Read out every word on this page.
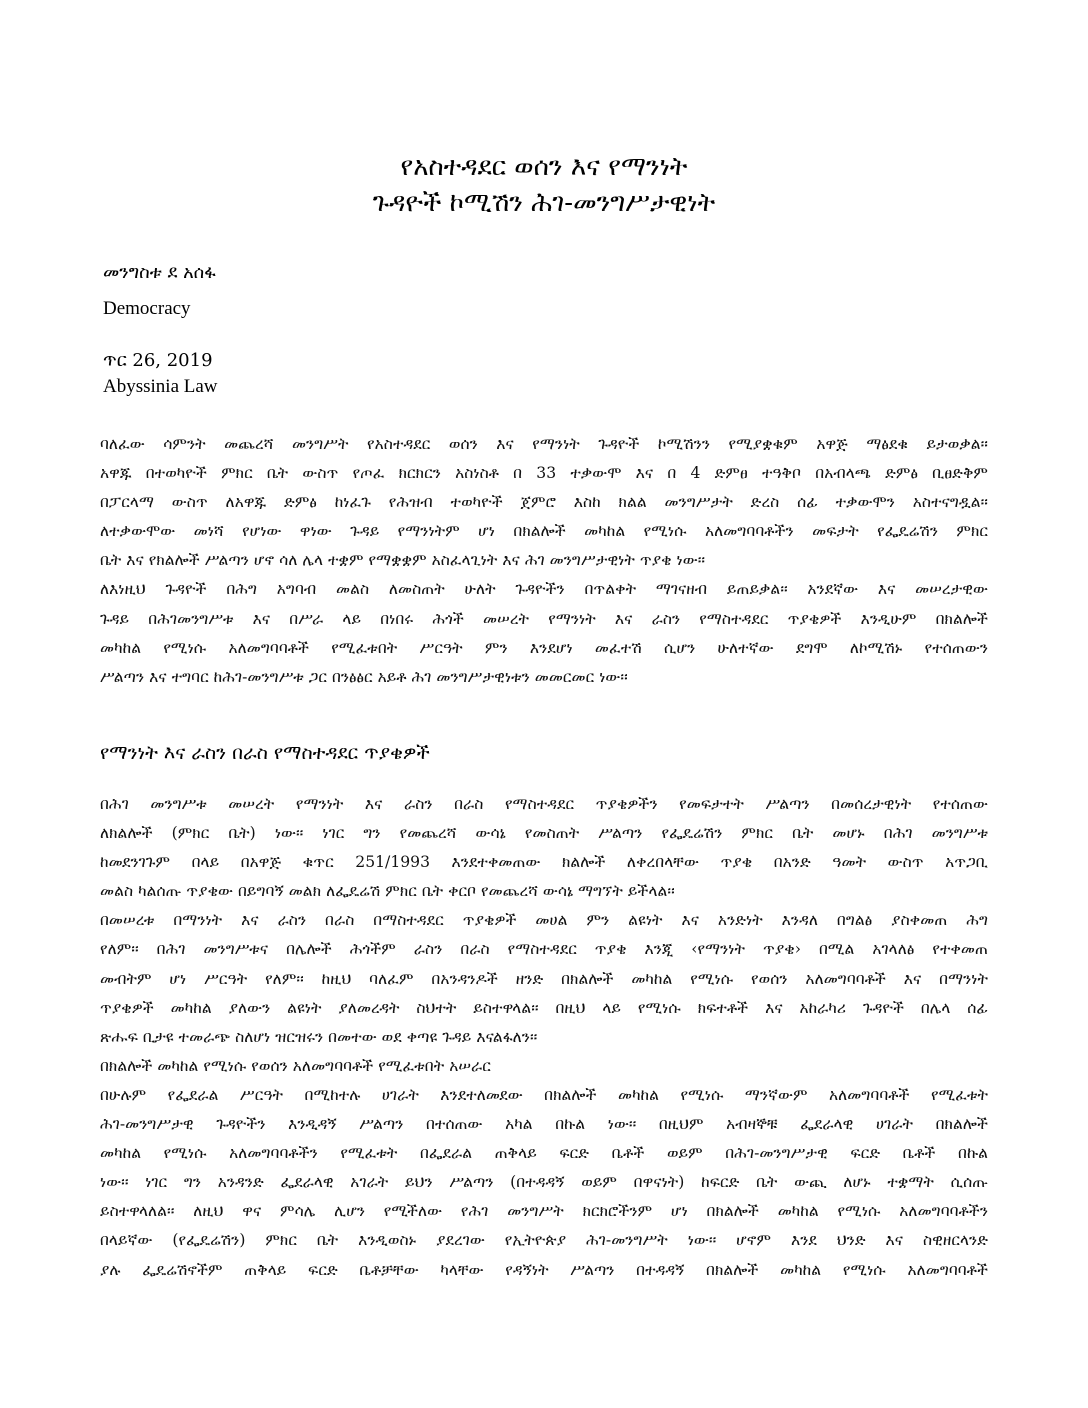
የአስተዳደር ወሰን እና የማንነት
ጉዳዮች ኮሚሽን ሕገ-መንግሥታዊነት
መንግስቱ ደ አሰፋ
Democracy
ጥር 26, 2019
Abyssinia Law
ባለፈው ሳምንት መጨረሻ መንግሥት የአስተዳደር ወሰን እና የማንነት ጉዳዮች ኮሚሽንን የሚያቋቁም አዋጅ ማፅደቁ ይታወቃል፡፡
አዋጁ በተወካዮች ምክር ቤት ውስጥ የጦፈ ክርክርን አስነስቶ በ 33 ተቃውሞ እና በ 4 ድምፀ ተዓቅቦ በአብላጫ ድምፅ ቢፀድቅም
በፓርላማ ውስጥ ለአዋጁ ድምፅ ከነፈጉ የሕዝብ ተወካዮች ጀምሮ እስከ ክልል መንግሥታት ድረስ ሰፊ ተቃውሞን አስተናግዷል፡፡
ለተቃውሞው መነሻ የሆነው ዋነው ጉዳይ የማንነትም ሆነ በክልሎች መካከል የሚነሱ አለመግባባቶችን መፍታት የፌዴሬሽን ምክር
ቤት እና የክልሎች ሥልጣን ሆኖ ሳለ ሌላ ተቋም የማቋቋም አስፈላጊነት እና ሕገ መንግሥታዊነት ጥያቄ ነው፡፡
ለእነዚህ ጉዳዮች በሕግ አግባብ መልስ ለመስጠት ሁለት ጉዳዮችን በጥልቀት ማገናዘብ ይጠይቃል፡፡ አንደኛው እና መሠረታዊው
ጉዳይ በሕገመንግሥቱ እና በሥራ ላይ በነበሩ ሕጎች መሠረት የማንነት እና ራስን የማስተዳደር ጥያቄዎች እንዲሁም በክልሎች
መካከል የሚነሱ አለመግባባቶች የሚፈቱበት ሥርዓት ምን እንደሆነ መፈተሽ ሲሆን ሁለተኛው ደግሞ ለኮሚሽኑ የተሰጠውን
ሥልጣን እና ተግባር ከሕገ-መንግሥቱ ጋር በንፅፅር አይቶ ሕገ መንግሥታዊነቱን መመርመር ነው፡፡
የማንነት እና ራስን በራስ የማስተዳደር ጥያቄዎች
በሕገ መንግሥቱ መሠረት የማንነት እና ራስን በራስ የማስተዳደር ጥያቄዎችን የመፍታተት ሥልጣን በመሰረታዊነት የተሰጠው
ለክልሎች (ምክር ቤት) ነው፡፡ ነገር ግን የመጨረሻ ውሳኔ የመስጠት ሥልጣን የፌዴሬሽን ምክር ቤት መሆኑ በሕገ መንግሥቱ
ከመደንገጉም በላይ በአዋጅ ቁጥር 251/1993 እንደተቀመጠው ክልሎች ለቀረበላቸው ጥያቄ በአንድ ዓመት ውስጥ አጥጋቢ
መልስ ካልሰጡ ጥያቄው በይግባኝ መልክ ለፌዴሬሽ ምክር ቤት ቀርቦ የመጨረሻ ውሳኔ ማግኘት ይችላል፡፡
በመሠረቱ በማንነት እና ራስን በራስ በማስተዳደር ጥያቄዎች መሀል ምን ልዩነት እና አንድነት እንዳለ በግልፅ ያስቀመጠ ሕግ
የለም፡፡ በሕገ መንግሥቱና በሌሎች ሕጎችም ራስን በራስ የማስተዳደር ጥያቄ እንጂ ‹የማንነት ጥያቄ› በሚል አገላለፅ የተቀመጠ
መብትም ሆነ ሥርዓት የለም፡፡ ከዚህ ባለፈም በአንዳንዶች ዘንድ በክልሎች መካከል የሚነሱ የወሰን አለመግባባቶች እና በማንነት
ጥያቄዎች መካከል ያለውን ልዩነት ያለመረዳት ስህተት ይስተዋላል፡፡ በዚህ ላይ የሚነሱ ክፍተቶች እና አከራካሪ ጉዳዮች በሌላ ሰፊ
ጽሑፍ ቢታዩ ተመራጭ ስለሆነ ዝርዝሩን በመተው ወደ ቀጣዩ ጉዳይ እናልፋለን፡፡
በክልሎች መካከል የሚነሱ የወሰን አለመግባባቶች የሚፈቱበት አሠራር
በሁሉም የፌደራል ሥርዓት በሚከተሉ ሀገራት እንደተለመደው በክልሎች መካከል የሚነሱ ማንኛውም አለመግባባቶች የሚፈቱት
ሕገ-መንግሥታዊ ጉዳዮችን እንዲዳኝ ሥልጣን በተሰጠው አካል በኩል ነው፡፡ በዚህም አብዛኞቹ ፌደራላዊ ሀገራት በክልሎች
መካከል የሚነሱ አለመግባባቶችን የሚፈቱት በፌደራል ጠቅላይ ፍርድ ቤቶች ወይም በሕገ-መንግሥታዊ ፍርድ ቤቶች በኩል
ነው፡፡ ነገር ግን አንዳንድ ፌደራላዊ አገራት ይህን ሥልጣን (በተዳዳኝ ወይም በዋናነት) ከፍርድ ቤት ውጪ ለሆኑ ተቋማት ሲሰጡ
ይስተዋላለል፡፡ ለዚህ ዋና ምሳሌ ሊሆን የሚችለው የሕገ መንግሥት ክርክሮችንም ሆነ በክልሎች መካከል የሚነሱ አለመግባባቶችን
በላይኛው (የፌዴሬሽን) ምክር ቤት እንዲወስኑ ያደረገው የኢትዮጵያ ሕገ-መንግሥት ነው፡፡ ሆኖም እንደ ህንድ እና ስዊዘርላንድ
ያሉ ፌዴሬሽኖችም ጠቅላይ ፍርድ ቤቶቻቸው ካላቸው የዳኝነት ሥልጣን በተዳዳኝ በክልሎች መካከል የሚነሱ አለመግባባቶች
